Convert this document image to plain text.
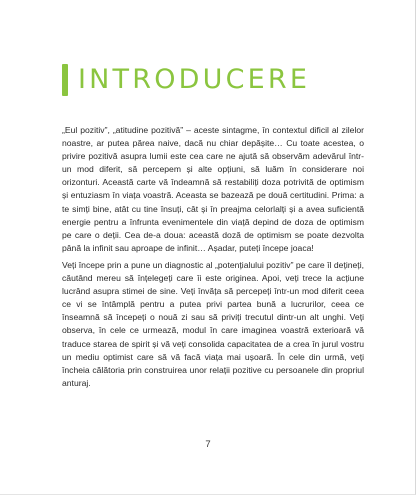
INTRODUCERE

„Eul pozitiv”, „atitudine pozitivă” – aceste sintagme, în contextul dificil al zilelor noastre, ar putea părea naive, dacă nu chiar depășite… Cu toate acestea, o privire pozitivă asupra lumii este cea care ne ajută să observăm adevărul într-un mod diferit, să percepem și alte opțiuni, să luăm în considerare noi orizonturi. Această carte vă îndeamnă să restabiliți doza potrivită de optimism și entuziasm în viața voastră. Aceasta se bazează pe două certitudini. Prima: a te simți bine, atât cu tine însuți, cât și în preajma celorlalți și a avea suficientă energie pentru a înfrunta evenimentele din viață depind de doza de optimism pe care o deții. Cea de-a doua: această doză de optimism se poate dezvolta până la infinit sau aproape de infinit… Așadar, puteți începe joaca!

Veți începe prin a pune un diagnostic al „potențialului pozitiv” pe care îl dețineți, căutând mereu să înțelegeți care îi este originea. Apoi, veți trece la acțiune lucrând asupra stimei de sine. Veți învăța să percepeți într-un mod diferit ceea ce vi se întâmplă pentru a putea privi partea bună a lucrurilor, ceea ce înseamnă să începeți o nouă zi sau să priviți trecutul dintr-un alt unghi. Veți observa, în cele ce urmează, modul în care imaginea voastră exterioară vă traduce starea de spirit și vă veți consolida capacitatea de a crea în jurul vostru un mediu optimist care să vă facă viața mai ușoară. În cele din urmă, veți încheia călătoria prin construirea unor relații pozitive cu persoanele din propriul anturaj.

7
